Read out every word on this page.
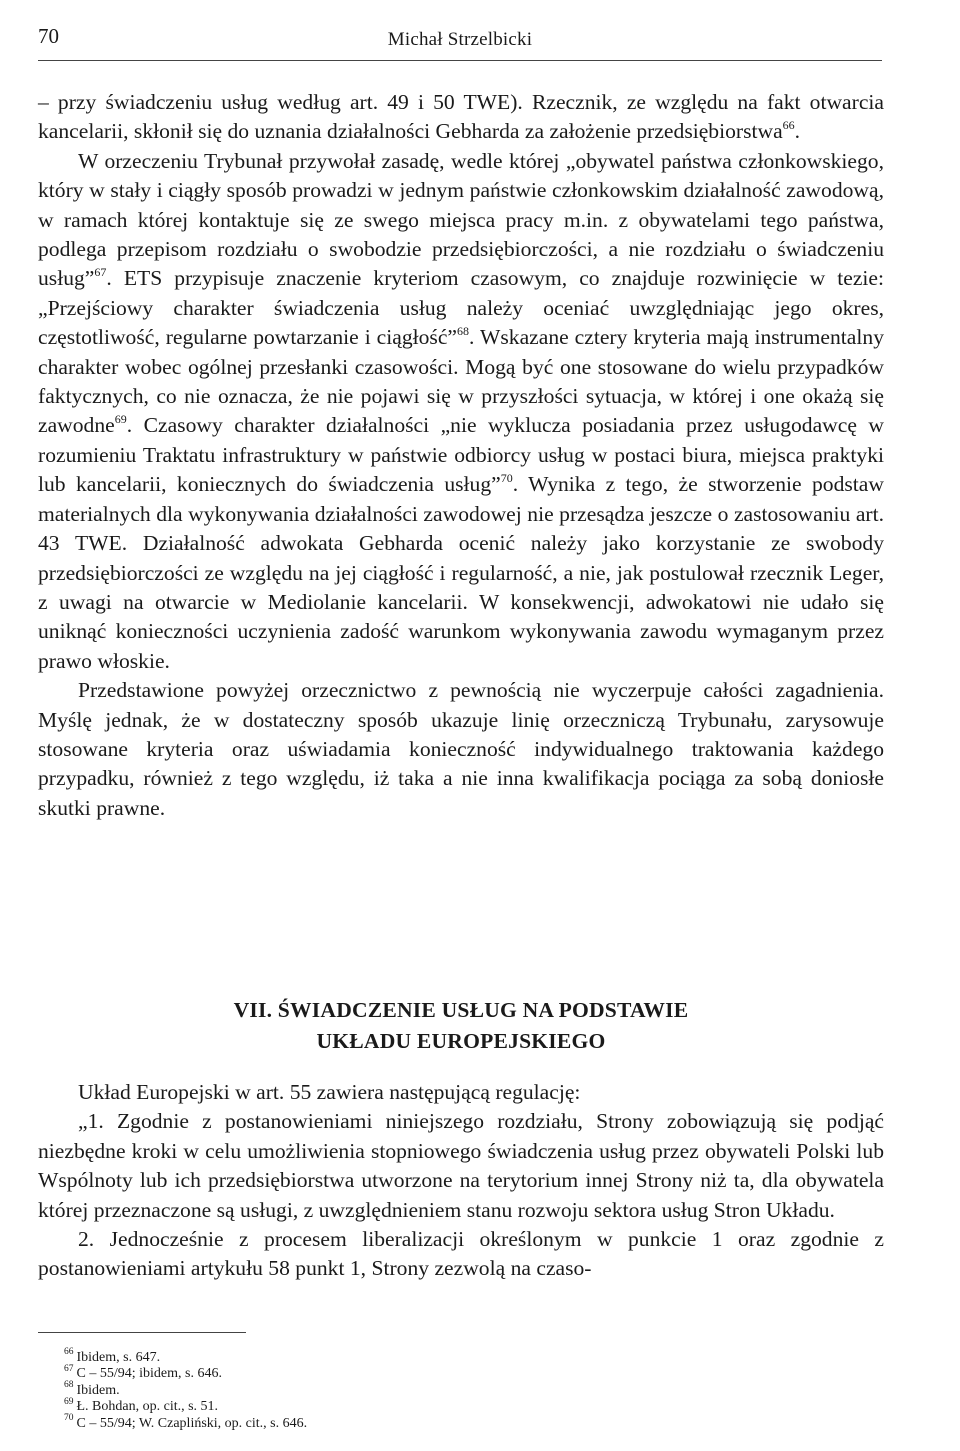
70	Michał Strzelbicki

– przy świadczeniu usług według art. 49 i 50 TWE). Rzecznik, ze względu na fakt otwarcia kancelarii, skłonił się do uznania działalności Gebharda za założenie przedsiębiorstwa$^{66}$.

W orzeczeniu Trybunał przywołał zasadę, wedle której „obywatel państwa członkowskiego, który w stały i ciągły sposób prowadzi w jednym państwie członkowskim działalność zawodową, w ramach której kontaktuje się ze swego miejsca pracy m.in. z obywatelami tego państwa, podlega przepisom rozdziału o swobodzie przedsiębiorczości, a nie rozdziału o świadczeniu usług”$^{67}$. ETS przypisuje znaczenie kryteriom czasowym, co znajduje rozwinięcie w tezie: „Przejściowy charakter świadczenia usług należy oceniać uwzględniając jego okres, częstotliwość, regularne powtarzanie i ciągłość”$^{68}$. Wskazane cztery kryteria mają instrumentalny charakter wobec ogólnej przesłanki czasowości. Mogą być one stosowane do wielu przypadków faktycznych, co nie oznacza, że nie pojawi się w przyszłości sytuacja, w której i one okażą się zawodne$^{69}$. Czasowy charakter działalności „nie wyklucza posiadania przez usługodawcę w rozumieniu Traktatu infrastruktury w państwie odbiorcy usług w postaci biura, miejsca praktyki lub kancelarii, koniecznych do świadczenia usług”$^{70}$. Wynika z tego, że stworzenie podstaw materialnych dla wykonywania działalności zawodowej nie przesądza jeszcze o zastosowaniu art. 43 TWE. Działalność adwokata Gebharda ocenić należy jako korzystanie ze swobody przedsiębiorczości ze względu na jej ciągłość i regularność, a nie, jak postulował rzecznik Leger, z uwagi na otwarcie w Mediolanie kancelarii. W konsekwencji, adwokatowi nie udało się uniknąć konieczności uczynienia zadość warunkom wykonywania zawodu wymaganym przez prawo włoskie.

Przedstawione powyżej orzecznictwo z pewnością nie wyczerpuje całości zagadnienia. Myślę jednak, że w dostateczny sposób ukazuje linię orzeczniczą Trybunału, zarysowuje stosowane kryteria oraz uświadamia konieczność indywidualnego traktowania każdego przypadku, również z tego względu, iż taka a nie inna kwalifikacja pociąga za sobą doniosłe skutki prawne.

VII. ŚWIADCZENIE USŁUG NA PODSTAWIE
UKŁADU EUROPEJSKIEGO

Układ Europejski w art. 55 zawiera następującą regulację:

„1. Zgodnie z postanowieniami niniejszego rozdziału, Strony zobowiązują się podjąć niezbędne kroki w celu umożliwienia stopniowego świadczenia usług przez obywateli Polski lub Wspólnoty lub ich przedsiębiorstwa utworzone na terytorium innej Strony niż ta, dla obywatela której przeznaczone są usługi, z uwzględnieniem stanu rozwoju sektora usług Stron Układu.

2. Jednocześnie z procesem liberalizacji określonym w punkcie 1 oraz zgodnie z postanowieniami artykułu 58 punkt 1, Strony zezwolą na czaso-

$^{66}$ Ibidem, s. 647.
$^{67}$ C – 55/94; ibidem, s. 646.
$^{68}$ Ibidem.
$^{69}$ Ł. Bohdan, op. cit., s. 51.
$^{70}$ C – 55/94; W. Czapliński, op. cit., s. 646.
